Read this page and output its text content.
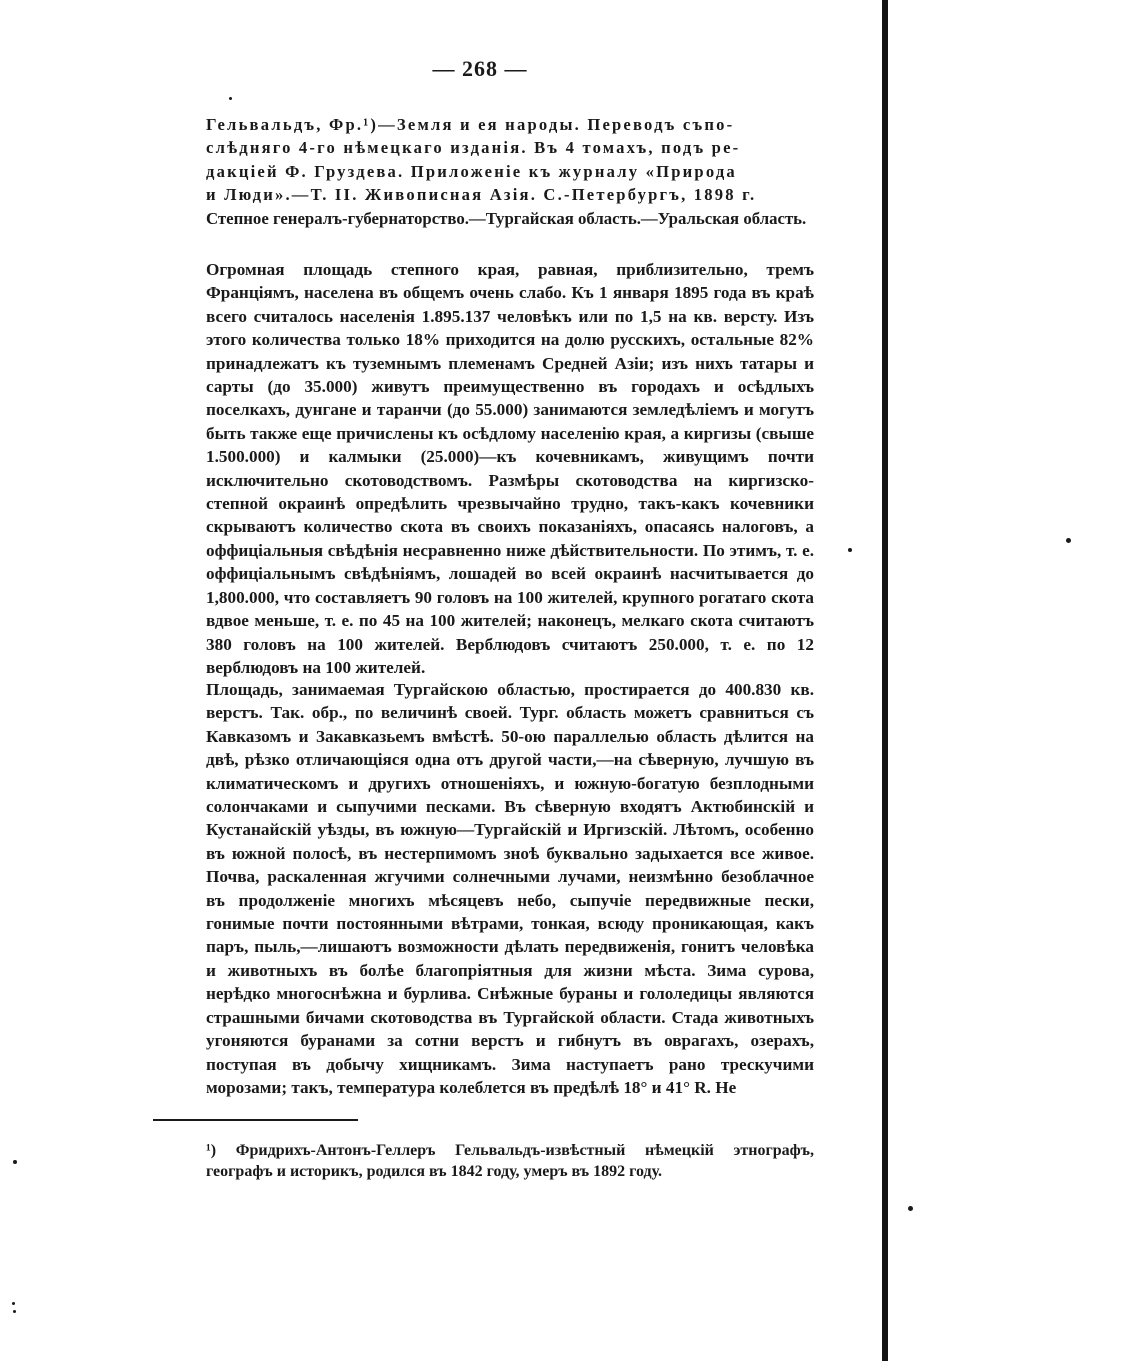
— 268 —
Гельвальдъ, Фр.¹)—Земля и ея народы. Переводъ съпо-
слѣдняго 4-го нѣмецкаго изданія. Въ 4 томахъ, подъ ре-
дакціей Ф. Груздева. Приложеніе къ журналу «Природа
и Люди».—Т. II. Живописная Азія. С.-Петербургъ, 1898 г.
Степное генералъ-губернаторство.—Тургайская область.—Уральская область.

Огромная площадь степного края, равная, приблизительно, тремъ Франціямъ, населена въ общемъ очень слабо. Къ 1 января 1895 года въ краѣ всего считалось населенія 1.895.137 человѣкъ или по 1,5 на кв. версту. Изъ этого количества только 18% приходится на долю русскихъ, остальные 82% принадлежатъ къ туземнымъ племенамъ Средней Азіи; изъ нихъ татары и сарты (до 35.000) живутъ преимущественно въ городахъ и осѣдлыхъ поселкахъ, дунгане и таранчи (до 55.000) занимаются земледѣліемъ и могутъ быть также еще причислены къ осѣдлому населенію края, а киргизы (свыше 1.500.000) и калмыки (25.000)—къ кочевникамъ, живущимъ почти исключительно скотоводствомъ. Размѣры скотоводства на киргизско-степной окраинѣ опредѣлить чрезвычайно трудно, такъ-какъ кочевники скрываютъ количество скота въ своихъ показаніяхъ, опасаясь налоговъ, а оффиціальныя свѣдѣнія несравненно ниже дѣйствительности. По этимъ, т. е. оффиціальнымъ свѣдѣніямъ, лошадей во всей окраинѣ насчитывается до 1,800.000, что составляетъ 90 головъ на 100 жителей, крупного рогатаго скота вдвое меньше, т. е. по 45 на 100 жителей; наконецъ, мелкаго скота считаютъ 380 головъ на 100 жителей. Верблюдовъ считаютъ 250.000, т. е. по 12 верблюдовъ на 100 жителей.

Площадь, занимаемая Тургайскою областью, простирается до 400.830 кв. верстъ. Так. обр., по величинѣ своей. Тург. область можетъ сравниться съ Кавказомъ и Закавказьемъ вмѣстѣ. 50-ою параллелью область дѣлится на двѣ, рѣзко отличающіяся одна отъ другой части,—на сѣверную, лучшую въ климатическомъ и другихъ отношеніяхъ, и южную-богатую безплодными солончаками и сыпучими песками. Въ сѣверную входятъ Актюбинскій и Кустанайскій уѣзды, въ южную—Тургайскій и Иргизскій. Лѣтомъ, особенно въ южной полосѣ, въ нестерпимомъ зноѣ буквально задыхается все живое. Почва, раскаленная жгучими солнечными лучами, неизмѣнно безоблачное въ продолженіе многихъ мѣсяцевъ небо, сыпучіе передвижные пески, гонимые почти постоянными вѣтрами, тонкая, всюду проникающая, какъ паръ, пыль,—лишаютъ возможности дѣлать передвиженія, гонитъ человѣка и животныхъ въ болѣе благопріятныя для жизни мѣста. Зима сурова, нерѣдко многоснѣжна и бурлива. Снѣжные бураны и гололедицы являются страшными бичами скотоводства въ Тургайской области. Стада животныхъ угоняются буранами за сотни верстъ и гибнутъ въ оврагахъ, озерахъ, поступая въ добычу хищникамъ. Зима наступаетъ рано трескучими морозами; такъ, температура колеблется въ предѣлѣ 18° и 41° R. Не

¹) Фридрихъ-Антонъ-Геллеръ Гельвальдъ-извѣстный нѣмецкій этнографъ, географъ и историкъ, родился въ 1842 году, умеръ въ 1892 году.
